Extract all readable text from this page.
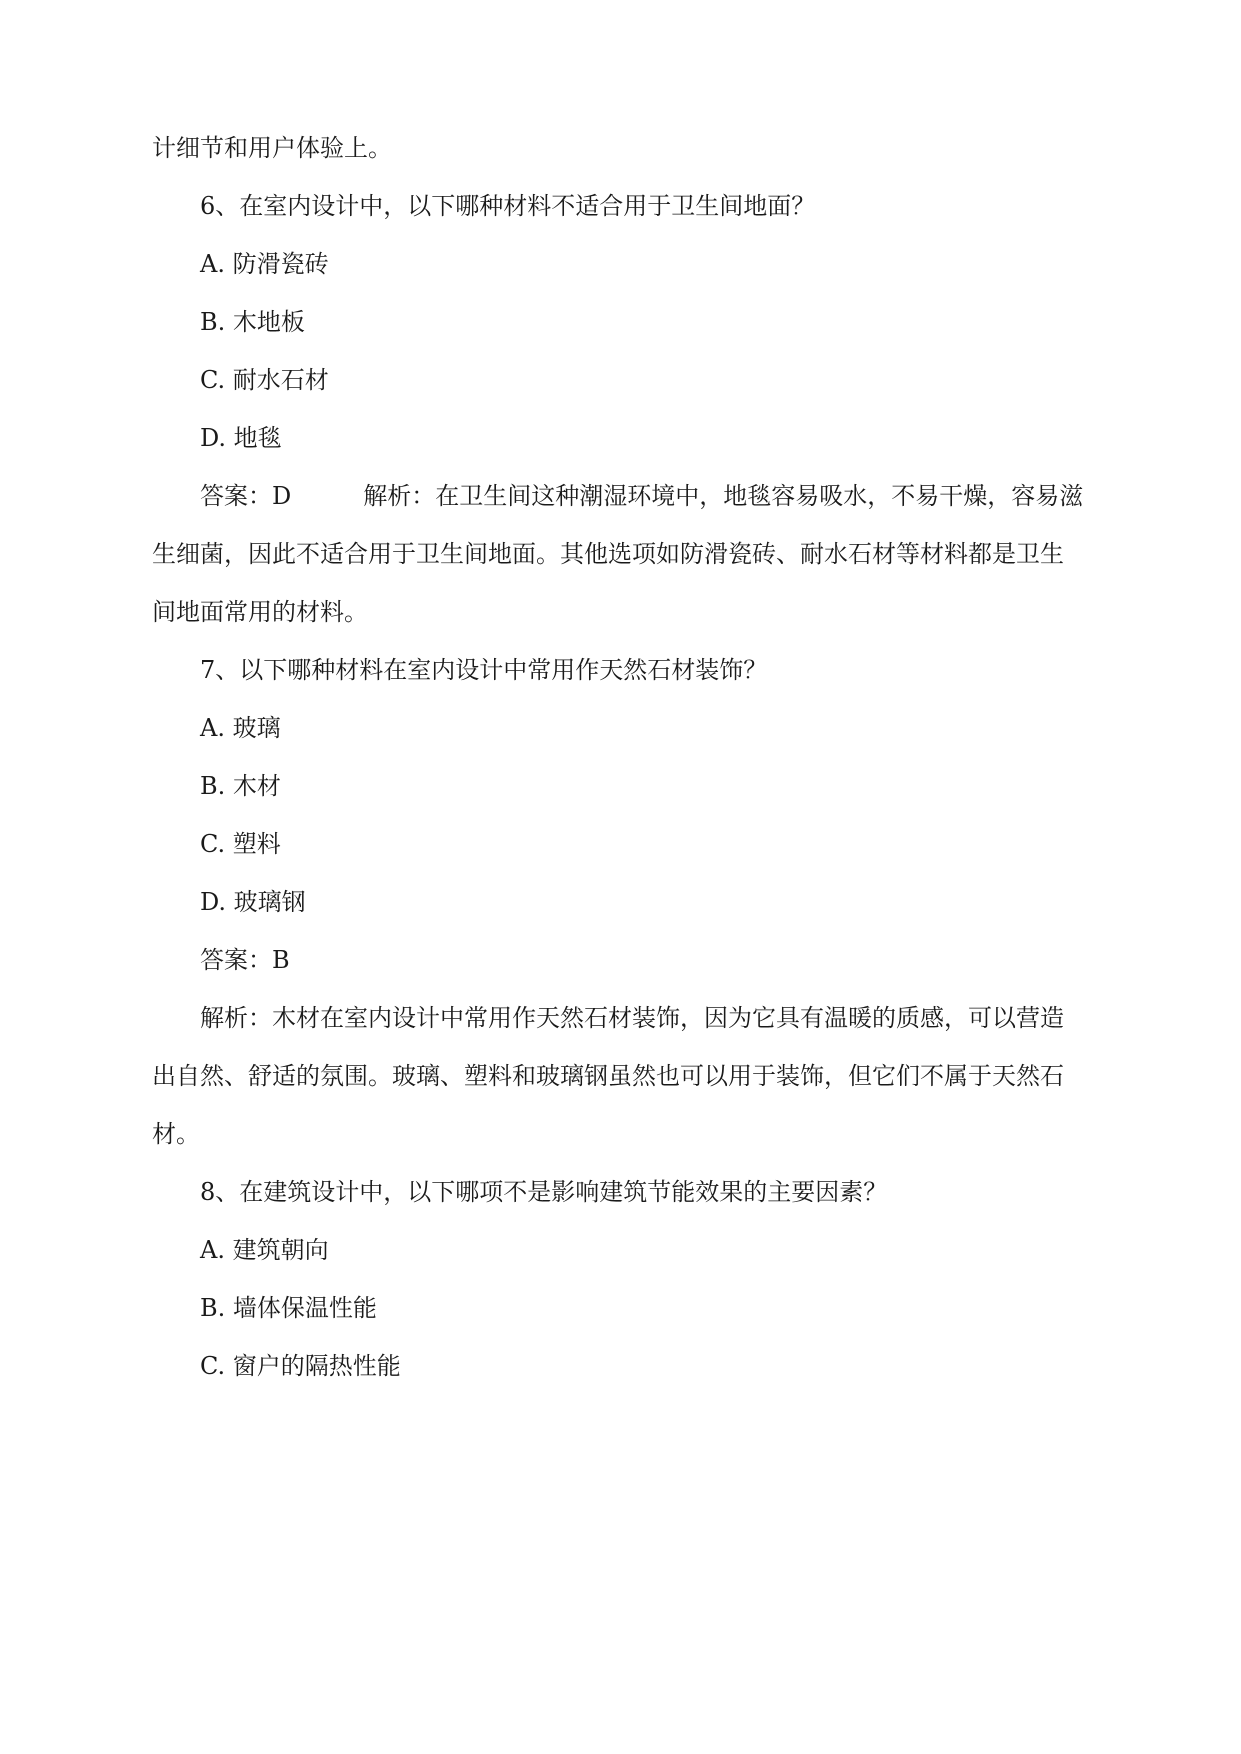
计细节和用户体验上。
6、在室内设计中，以下哪种材料不适合用于卫生间地面？
A. 防滑瓷砖
B. 木地板
C. 耐水石材
D. 地毯
答案：D　　　解析：在卫生间这种潮湿环境中，地毯容易吸水，不易干燥，容易滋
生细菌，因此不适合用于卫生间地面。其他选项如防滑瓷砖、耐水石材等材料都是卫生
间地面常用的材料。
7、以下哪种材料在室内设计中常用作天然石材装饰？
A. 玻璃
B. 木材
C. 塑料
D. 玻璃钢
答案：B
解析：木材在室内设计中常用作天然石材装饰，因为它具有温暖的质感，可以营造
出自然、舒适的氛围。玻璃、塑料和玻璃钢虽然也可以用于装饰，但它们不属于天然石
材。
8、在建筑设计中，以下哪项不是影响建筑节能效果的主要因素？
A. 建筑朝向
B. 墙体保温性能
C. 窗户的隔热性能
